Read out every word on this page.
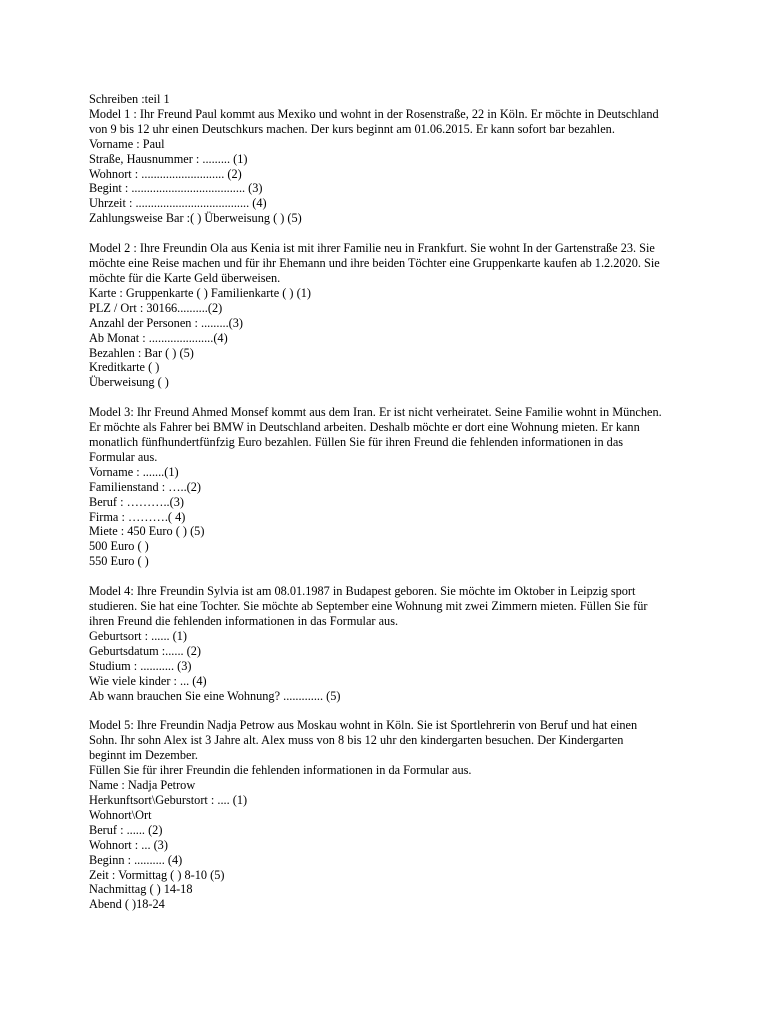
Schreiben :teil 1
Model 1 : Ihr Freund Paul kommt aus Mexiko und wohnt in der Rosenstraße, 22 in Köln. Er möchte in Deutschland
von 9 bis 12 uhr einen Deutschkurs machen. Der kurs beginnt am 01.06.2015. Er kann sofort bar bezahlen.
Vorname : Paul
Straße, Hausnummer : ......... (1)
Wohnort : ........................... (2)
Begint : ..................................... (3)
Uhrzeit : ..................................... (4)
Zahlungsweise Bar :( ) Überweisung ( ) (5)
Model 2 : Ihre Freundin Ola aus Kenia ist mit ihrer Familie neu in Frankfurt. Sie wohnt In der Gartenstraße 23. Sie
möchte eine Reise machen und für ihr Ehemann und ihre beiden Töchter eine Gruppenkarte kaufen ab 1.2.2020. Sie
möchte für die Karte Geld überweisen.
Karte : Gruppenkarte ( ) Familienkarte ( ) (1)
PLZ / Ort : 30166..........(2)
Anzahl der Personen : .........(3)
Ab Monat : .....................(4)
Bezahlen : Bar ( ) (5)
Kreditkarte ( )
Überweisung ( )
Model 3: Ihr Freund Ahmed Monsef kommt aus dem Iran. Er ist nicht verheiratet. Seine Familie wohnt in München.
Er möchte als Fahrer bei BMW in Deutschland arbeiten. Deshalb möchte er dort eine Wohnung mieten. Er kann
monatlich fünfhundertfünfzig Euro bezahlen. Füllen Sie für ihren Freund die fehlenden informationen in das
Formular aus.
Vorname : .......(1)
Familienstand : …..(2)
Beruf : ………..(3)
Firma : ……….( 4)
Miete : 450 Euro ( ) (5)
500 Euro ( )
550 Euro ( )
Model 4: Ihre Freundin Sylvia ist am 08.01.1987 in Budapest geboren. Sie möchte im Oktober in Leipzig sport
studieren. Sie hat eine Tochter. Sie möchte ab September eine Wohnung mit zwei Zimmern mieten. Füllen Sie für
ihren Freund die fehlenden informationen in das Formular aus.
Geburtsort : ...... (1)
Geburtsdatum :...... (2)
Studium : ........... (3)
Wie viele kinder : ... (4)
Ab wann brauchen Sie eine Wohnung? ............. (5)
Model 5: Ihre Freundin Nadja Petrow aus Moskau wohnt in Köln. Sie ist Sportlehrerin von Beruf und hat einen
Sohn. Ihr sohn Alex ist 3 Jahre alt. Alex muss von 8 bis 12 uhr den kindergarten besuchen. Der Kindergarten
beginnt im Dezember.
Füllen Sie für ihrer Freundin die fehlenden informationen in da Formular aus.
Name : Nadja Petrow
Herkunftsort\Geburstort : .... (1)
Wohnort\Ort
Beruf : ...... (2)
Wohnort : ... (3)
Beginn : .......... (4)
Zeit : Vormittag ( ) 8-10 (5)
Nachmittag ( ) 14-18
Abend ( )18-24
